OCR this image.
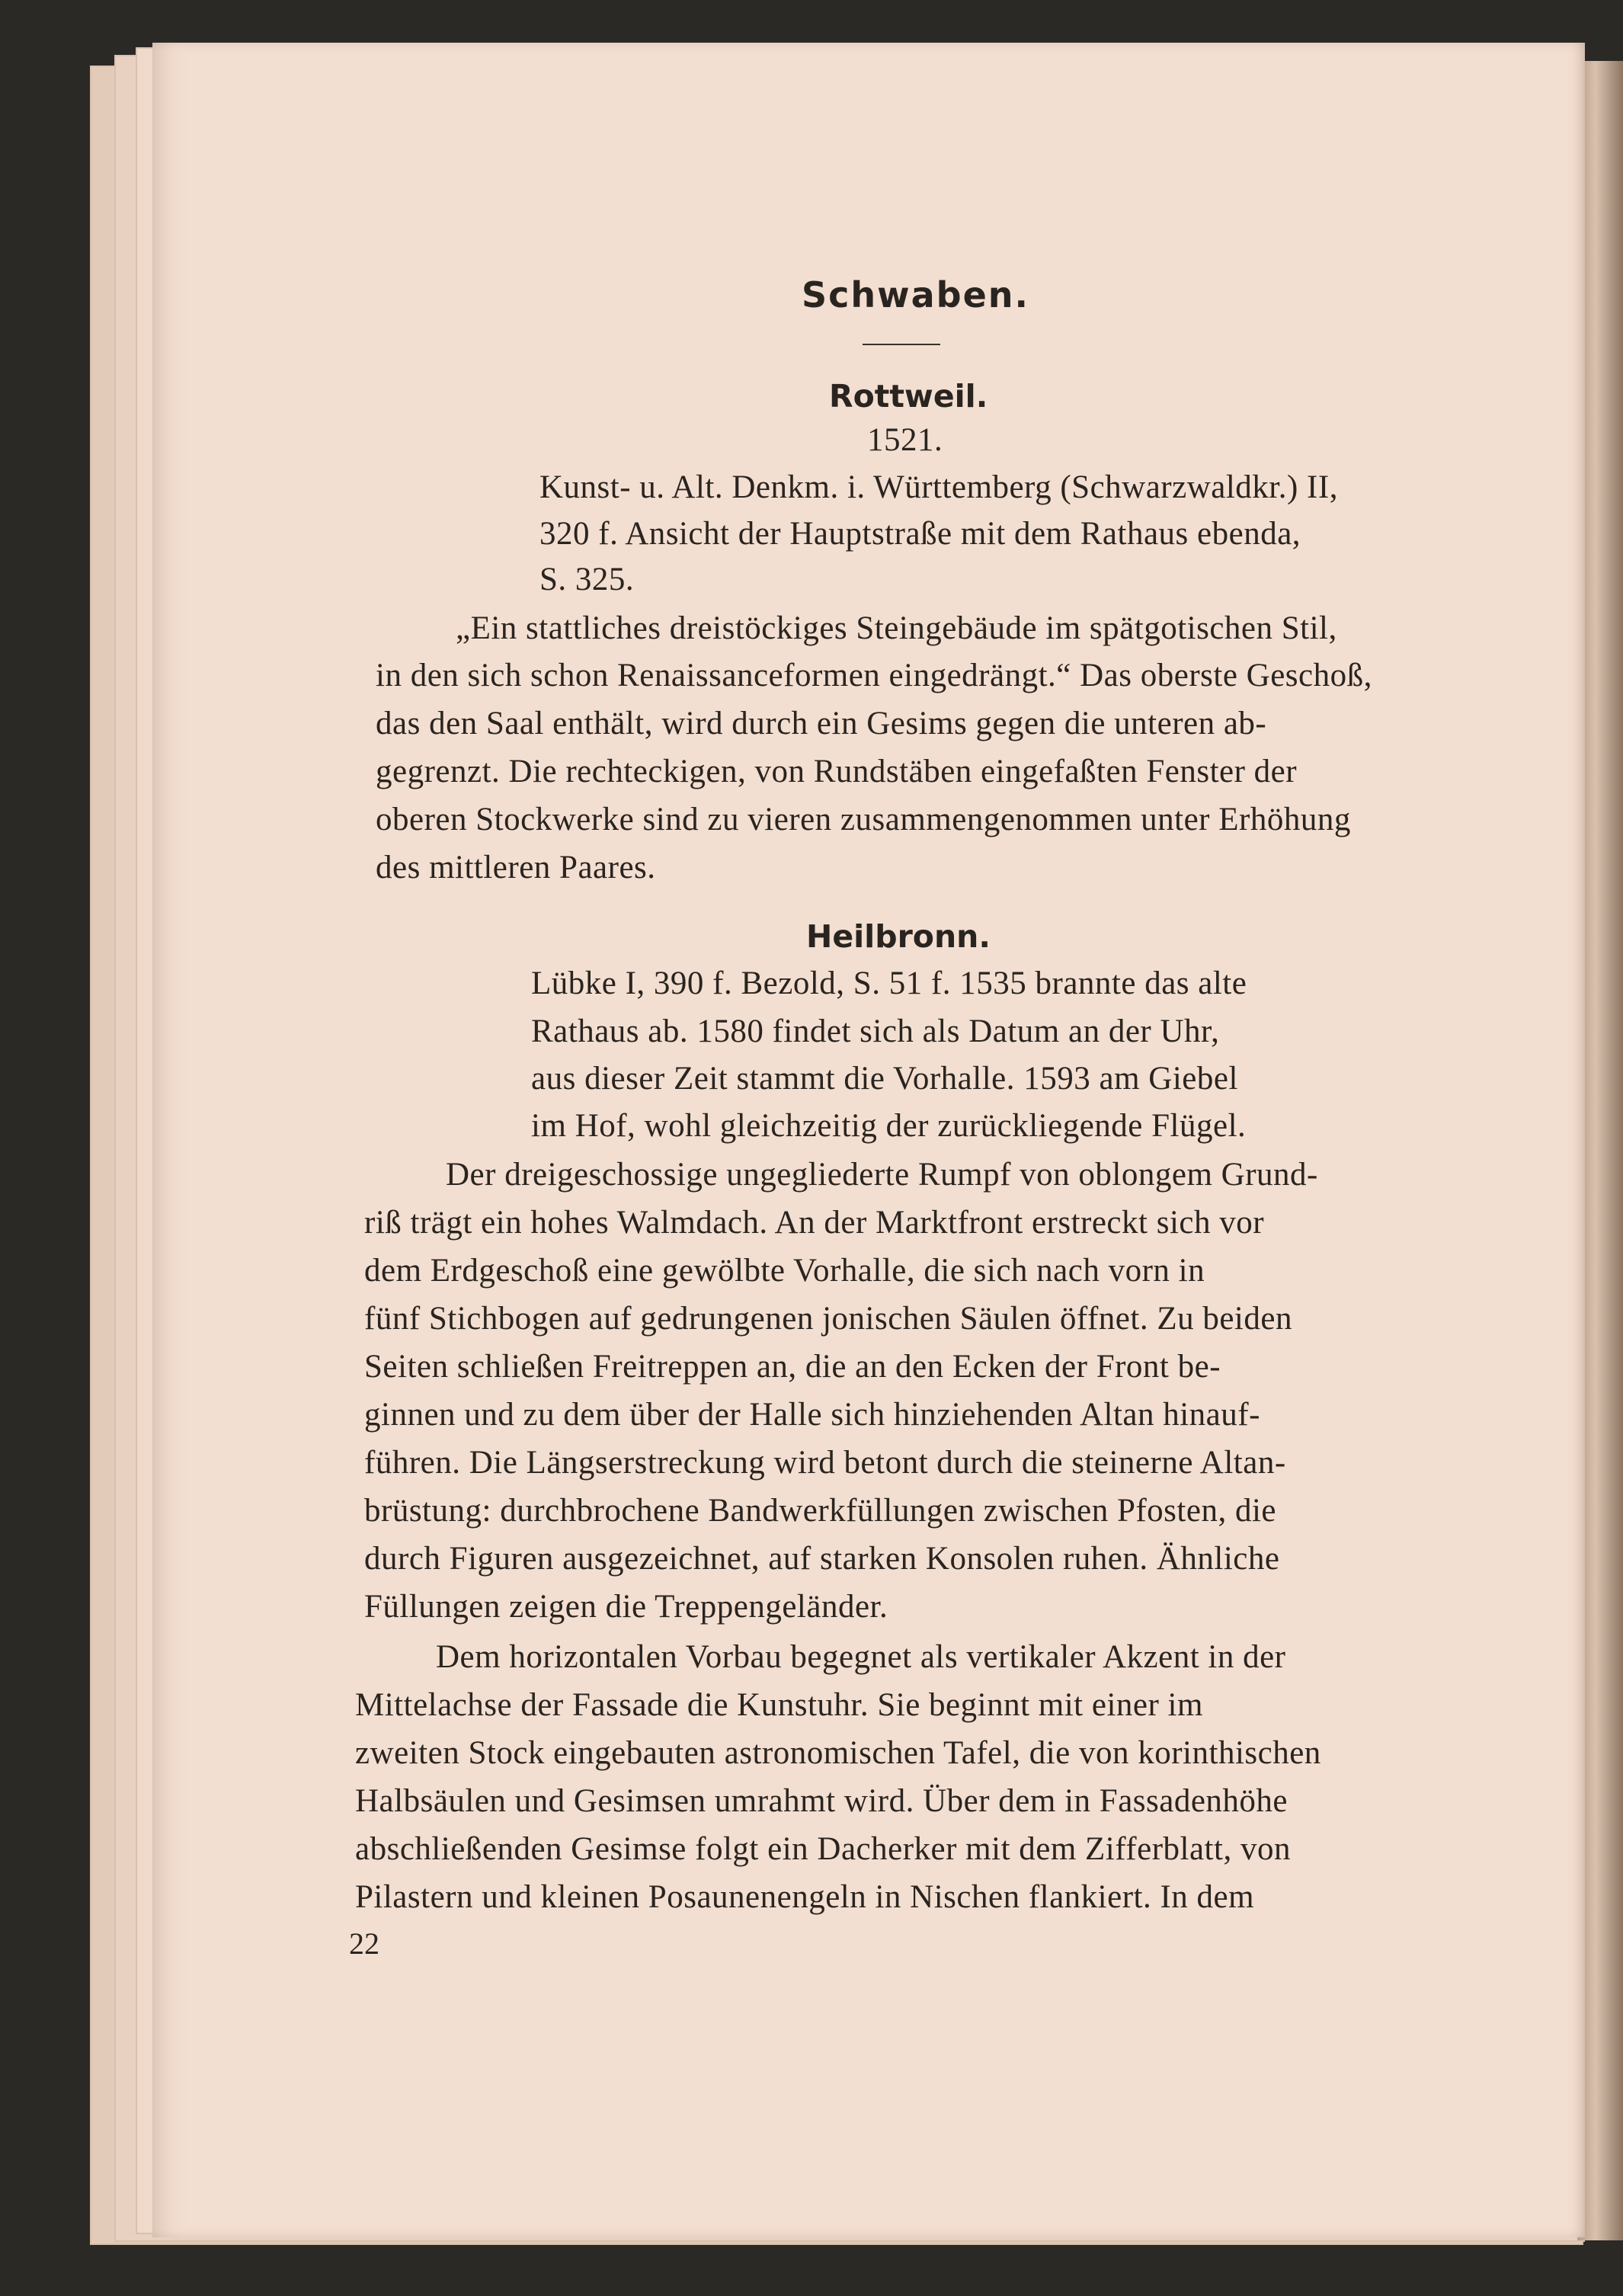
Schwaben.
Rottweil.
1521.
Kunst- u. Alt. Denkm. i. Württemberg (Schwarzwaldkr.) II,
320 f. Ansicht der Hauptstraße mit dem Rathaus ebenda,
S. 325.
„Ein stattliches dreistöckiges Steingebäude im spätgotischen Stil,
in den sich schon Renaissanceformen eingedrängt.“ Das oberste Geschoß,
das den Saal enthält, wird durch ein Gesims gegen die unteren ab-
gegrenzt. Die rechteckigen, von Rundstäben eingefaßten Fenster der
oberen Stockwerke sind zu vieren zusammengenommen unter Erhöhung
des mittleren Paares.
Heilbronn.
Lübke I, 390 f. Bezold, S. 51 f. 1535 brannte das alte
Rathaus ab. 1580 findet sich als Datum an der Uhr,
aus dieser Zeit stammt die Vorhalle. 1593 am Giebel
im Hof, wohl gleichzeitig der zurückliegende Flügel.
Der dreigeschossige ungegliederte Rumpf von oblongem Grund-
riß trägt ein hohes Walmdach. An der Marktfront erstreckt sich vor
dem Erdgeschoß eine gewölbte Vorhalle, die sich nach vorn in
fünf Stichbogen auf gedrungenen jonischen Säulen öffnet. Zu beiden
Seiten schließen Freitreppen an, die an den Ecken der Front be-
ginnen und zu dem über der Halle sich hinziehenden Altan hinauf-
führen. Die Längserstreckung wird betont durch die steinerne Altan-
brüstung: durchbrochene Bandwerkfüllungen zwischen Pfosten, die
durch Figuren ausgezeichnet, auf starken Konsolen ruhen. Ähnliche
Füllungen zeigen die Treppengeländer.
Dem horizontalen Vorbau begegnet als vertikaler Akzent in der
Mittelachse der Fassade die Kunstuhr. Sie beginnt mit einer im
zweiten Stock eingebauten astronomischen Tafel, die von korinthischen
Halbsäulen und Gesimsen umrahmt wird. Über dem in Fassadenhöhe
abschließenden Gesimse folgt ein Dacherker mit dem Zifferblatt, von
Pilastern und kleinen Posaunenengeln in Nischen flankiert. In dem
22
